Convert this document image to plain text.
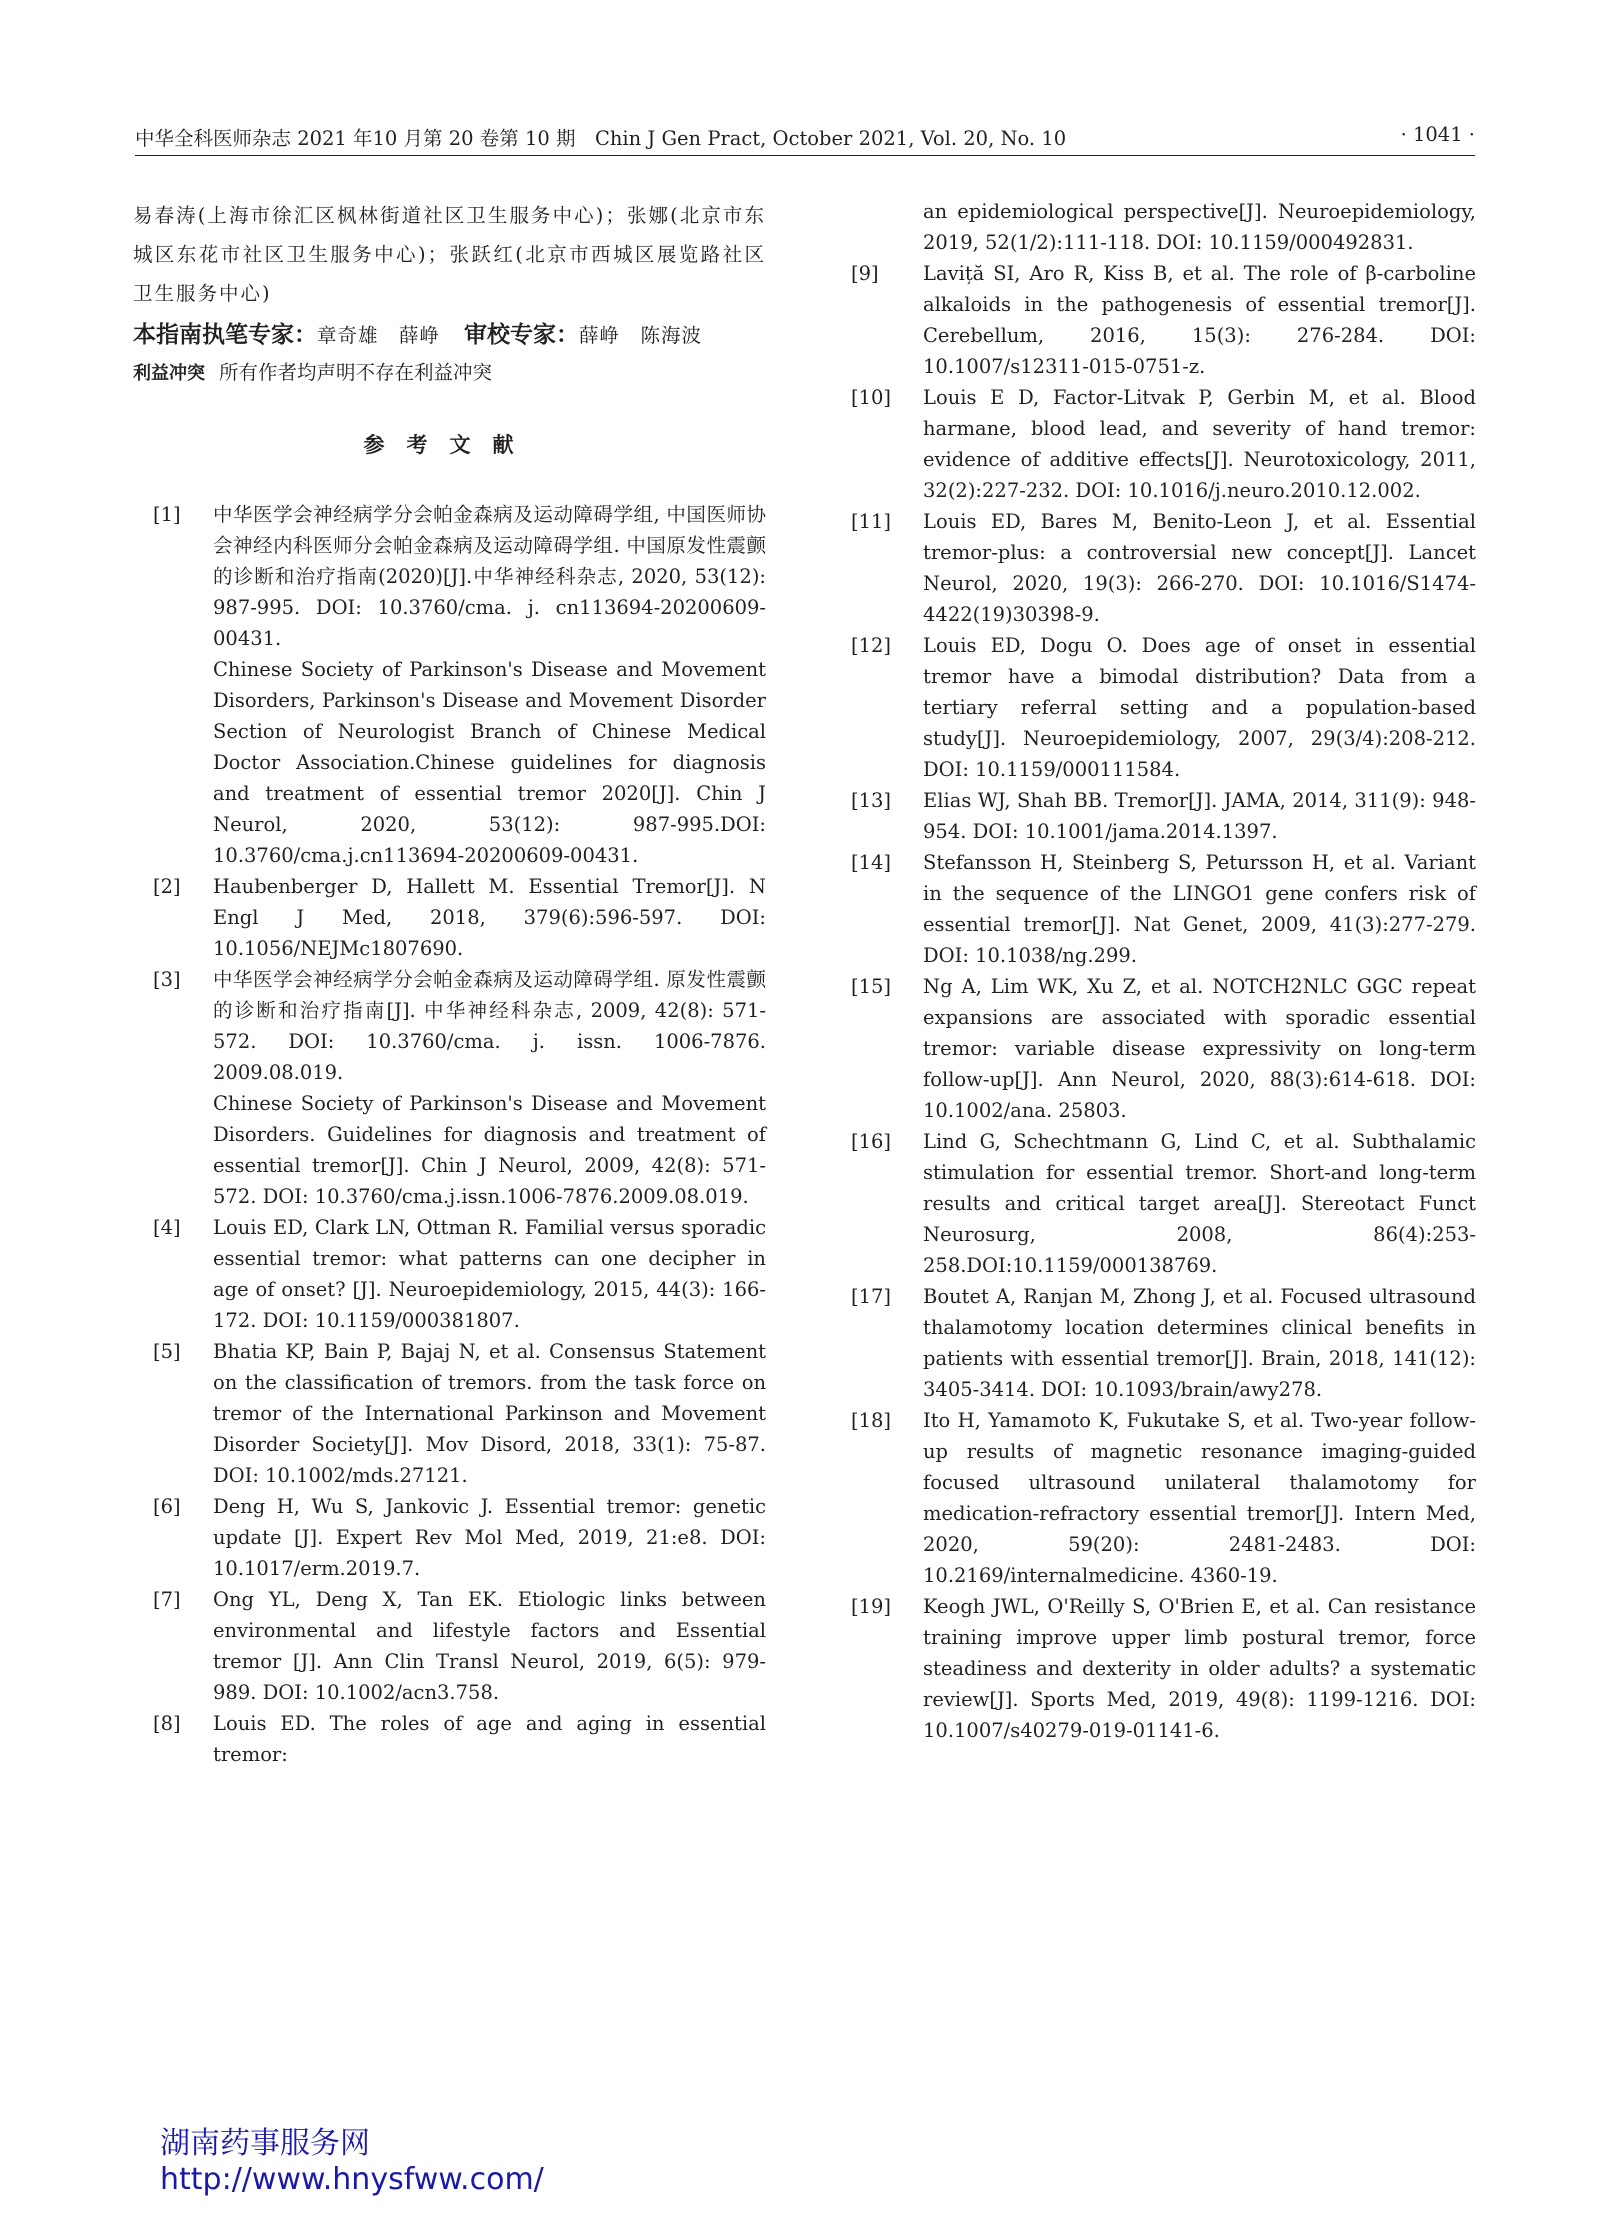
中华全科医师杂志 2021 年10 月第 20 卷第 10 期　Chin J Gen Pract, October 2021, Vol. 20, No. 10	· 1041 ·

易春涛(上海市徐汇区枫林街道社区卫生服务中心)；张娜(北京市东城区东花市社区卫生服务中心)；张跃红(北京市西城区展览路社区卫生服务中心)

本指南执笔专家：章奇雄　薛峥 审校专家：薛峥　陈海波

利益冲突 所有作者均声明不存在利益冲突

参考文献
[1] 中华医学会神经病学分会帕金森病及运动障碍学组, 中国医师协会神经内科医师分会帕金森病及运动障碍学组. 中国原发性震颤的诊断和治疗指南(2020)[J].中华神经科杂志, 2020, 53(12): 987-995. DOI: 10.3760/cma. j. cn113694-20200609-00431.

Chinese Society of Parkinson's Disease and Movement Disorders, Parkinson's Disease and Movement Disorder Section of Neurologist Branch of Chinese Medical Doctor Association.Chinese guidelines for diagnosis and treatment of essential tremor 2020[J]. Chin J Neurol, 2020, 53(12): 987-995.DOI: 10.3760/cma.j.cn113694-20200609-00431.

[2] Haubenberger D, Hallett M. Essential Tremor[J]. N Engl J Med, 2018, 379(6):596-597. DOI: 10.1056/NEJMc1807690.

[3] 中华医学会神经病学分会帕金森病及运动障碍学组. 原发性震颤的诊断和治疗指南[J]. 中华神经科杂志, 2009, 42(8): 571-572. DOI: 10.3760/cma. j. issn. 1006-7876. 2009.08.019.

Chinese Society of Parkinson's Disease and Movement Disorders. Guidelines for diagnosis and treatment of essential tremor[J]. Chin J Neurol, 2009, 42(8): 571-572. DOI: 10.3760/cma.j.issn.1006-7876.2009.08.019.

[4] Louis ED, Clark LN, Ottman R. Familial versus sporadic essential tremor: what patterns can one decipher in age of onset? [J]. Neuroepidemiology, 2015, 44(3): 166-172. DOI: 10.1159/000381807.

[5] Bhatia KP, Bain P, Bajaj N, et al. Consensus Statement on the classification of tremors. from the task force on tremor of the International Parkinson and Movement Disorder Society[J]. Mov Disord, 2018, 33(1): 75-87. DOI: 10.1002/mds.27121.

[6] Deng H, Wu S, Jankovic J. Essential tremor: genetic update [J]. Expert Rev Mol Med, 2019, 21:e8. DOI: 10.1017/erm.2019.7.

[7] Ong YL, Deng X, Tan EK. Etiologic links between environmental and lifestyle factors and Essential tremor [J]. Ann Clin Transl Neurol, 2019, 6(5): 979-989. DOI: 10.1002/acn3.758.

[8] Louis ED. The roles of age and aging in essential tremor:

an epidemiological perspective[J]. Neuroepidemiology, 2019, 52(1/2):111-118. DOI: 10.1159/000492831.

[9] Laviță SI, Aro R, Kiss B, et al. The role of β-carboline alkaloids in the pathogenesis of essential tremor[J]. Cerebellum, 2016, 15(3): 276-284. DOI: 10.1007/s12311-015-0751-z.

[10] Louis E D, Factor-Litvak P, Gerbin M, et al. Blood harmane, blood lead, and severity of hand tremor: evidence of additive effects[J]. Neurotoxicology, 2011, 32(2):227-232. DOI: 10.1016/j.neuro.2010.12.002.

[11] Louis ED, Bares M, Benito-Leon J, et al. Essential tremor-plus: a controversial new concept[J]. Lancet Neurol, 2020, 19(3): 266-270. DOI: 10.1016/S1474-4422(19)30398-9.

[12] Louis ED, Dogu O. Does age of onset in essential tremor have a bimodal distribution? Data from a tertiary referral setting and a population-based study[J]. Neuroepidemiology, 2007, 29(3/4):208-212. DOI: 10.1159/000111584.

[13] Elias WJ, Shah BB. Tremor[J]. JAMA, 2014, 311(9): 948-954. DOI: 10.1001/jama.2014.1397.

[14] Stefansson H, Steinberg S, Petursson H, et al. Variant in the sequence of the LINGO1 gene confers risk of essential tremor[J]. Nat Genet, 2009, 41(3):277-279. DOI: 10.1038/ng.299.

[15] Ng A, Lim WK, Xu Z, et al. NOTCH2NLC GGC repeat expansions are associated with sporadic essential tremor: variable disease expressivity on long-term follow-up[J]. Ann Neurol, 2020, 88(3):614-618. DOI: 10.1002/ana. 25803.

[16] Lind G, Schechtmann G, Lind C, et al. Subthalamic stimulation for essential tremor. Short-and long-term results and critical target area[J]. Stereotact Funct Neurosurg, 2008, 86(4):253-258.DOI:10.1159/000138769.

[17] Boutet A, Ranjan M, Zhong J, et al. Focused ultrasound thalamotomy location determines clinical benefits in patients with essential tremor[J]. Brain, 2018, 141(12): 3405-3414. DOI: 10.1093/brain/awy278.

[18] Ito H, Yamamoto K, Fukutake S, et al. Two-year follow-up results of magnetic resonance imaging-guided focused ultrasound unilateral thalamotomy for medication-refractory essential tremor[J]. Intern Med, 2020, 59(20): 2481-2483. DOI: 10.2169/internalmedicine. 4360-19.

[19] Keogh JWL, O'Reilly S, O'Brien E, et al. Can resistance training improve upper limb postural tremor, force steadiness and dexterity in older adults? a systematic review[J]. Sports Med, 2019, 49(8): 1199-1216. DOI: 10.1007/s40279-019-01141-6.

湖南药事服务网
http://www.hnysfww.com/
